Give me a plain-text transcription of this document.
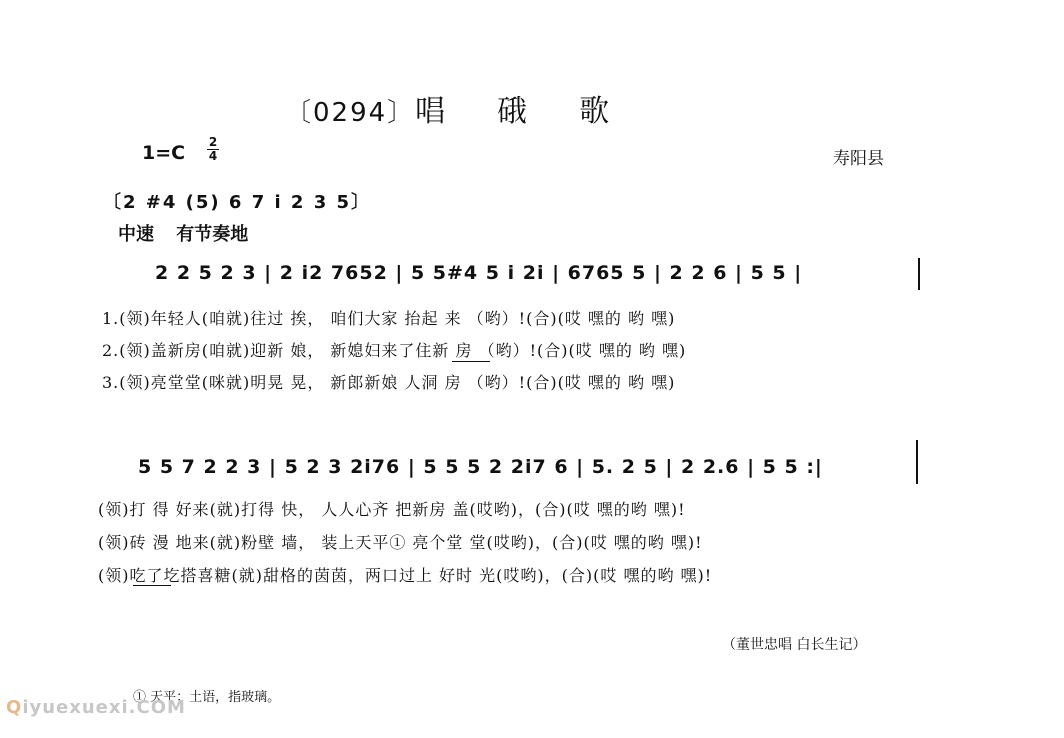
〔0294〕唱硪歌
1=C 2
4	寿阳县
〔2 #4 (5) 6 7 i 2 3 5〕
中速 有节奏地
2 2 5 2 3 | 2 i2 7652 | 5 5#4 5 i 2i | 6765 5 | 2 2 6 | 5 5 |
1.(领)年轻人(咱就)往过 挨， 咱们大家 抬起 来 （哟）!(合)(哎 嘿的 哟 嘿)
2.(领)盖新房(咱就)迎新 娘， 新媳妇来了住新 房 （哟）!(合)(哎 嘿的 哟 嘿)
3.(领)亮堂堂(咪就)明晃 晃， 新郎新娘 人洞 房 （哟）!(合)(哎 嘿的 哟 嘿)
5 5 7 2 2 3 | 5 2 3 2i76 | 5 5 5 2 2i7 6 | 5. 2 5 | 2 2.6 | 5 5 :|
(领)打 得 好来(就)打得 快， 人人心齐 把新房 盖(哎哟)，(合)(哎 嘿的哟 嘿)!
(领)砖 漫 地来(就)粉壁 墙， 装上天平① 亮个堂 堂(哎哟)，(合)(哎 嘿的哟 嘿)!
(领)吃了圪搭喜糖(就)甜格的茵茵，两口过上 好时 光(哎哟)，(合)(哎 嘿的哟 嘿)!
（董世忠唱 白长生记）
① 天平：土语，指玻璃。
Qiyuexuexi.COM
